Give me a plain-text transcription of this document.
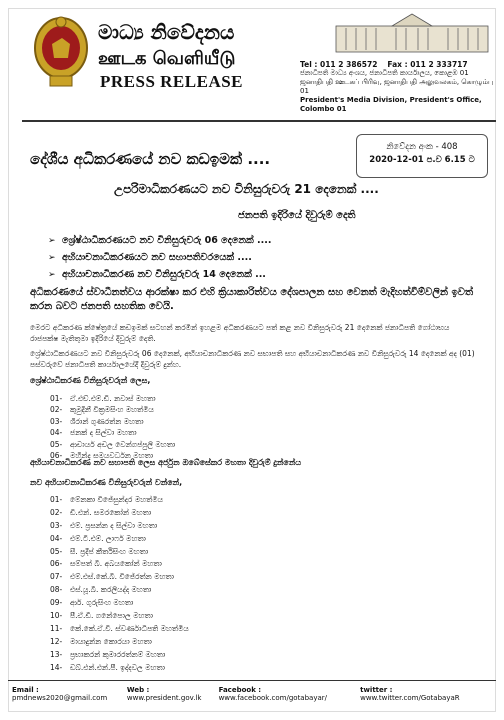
මාධ්‍ය නිවේදනය
ஊடக வெளியீடு
PRESS RELEASE
Tel : 011 2 386572 Fax : 011 2 333717
ජනාධිපති මාධ්‍ය අංශය, ජනාධිපති කාර්යාලය, කොළඹ 01
ஜனாதிபதி ஊடகப் பிரிவு, ஜனாதிபதி அலுவலகம், கொழும்பு 01
President's Media Division, President's Office, Colombo 01
නිවේදන අංක - 408
2020-12-01 ප.ව 6.15 ට
දේශීය අධිකරණයේ නව කඩඉමක් ....
උපරිමාධිකරණයට නව විනිසුරුවරු 21 දෙනෙක් ....
ජනපති ඉදිරියේ දිවුරුම් දෙති
➢ ශ්‍රේෂ්ඨාධිකරණයට නව විනිසුරුවරු 06 දෙනෙක් ....
➢ අභියාචනාධිකරණයට නව සභාපතිවරයෙක් ....
➢ අභියාචනාධිකරණ නව විනිසුරුවරු 14 දෙනෙක් ...
අධිකරණයේ ස්වාධීනත්වය ආරක්ෂා කර එහි ක්‍රියාකාරිත්වය දේශපාලන සහ වෙනත් මැදිහත්වීම්වලින් ඉවත් කරන බවට ජනපති සහතික වෙයි.
මෙරට අධිකරණ ක්ෂේත්‍රයේ කඩඉමක් සටහන් කරමින් ඉහළම අධිකරණයට පත් කළ නව විනිසුරුවරු 21 දෙනෙක් ජනාධිපති ගෝඨාභය රාජපක්ෂ මැතිතුමා ඉදිරියේ දිවුරුම් දෙති.
ශ්‍රේෂ්ඨාධිකරණයට නව විනිසුරුවරු 06 දෙනෙක්, අභියාචනාධිකරණ නව සභාපති සහ අභියාචනාධිකරණ නව විනිසුරුවරු 14 දෙනෙක් අද (01) පස්වරුවේ ජනාධිපති කාර්යාලයේදී දිවුරුම් දුන්හ.
ශ්‍රේෂ්ඨාධිකරණ විනිසුරුවරුන් ලෙස,
01-	ඒ.එච්.එම්.ඩී. නවාස් මහතා
02-	කුමුදිනී වික්‍රමසිංහ මහත්මිය
03-	ශිරාන් ගුණරත්න මහතා
04-	ජනක් ද සිල්වා මහතා
05-	ආචාර්ය අචල වෙන්ගප්පුලි මහතා
06-	මහින්ද සමයවර්ධන මහතා
අභියාචනාධිකරණ නව සභාපති ලෙස අර්ජුන ඔබේසේකර මහතා දිවුරුම් දුන්නේය
නව අභියාචනාධිකරණ විනිසුරුවරුන් වන්නේ,
01-	මේනකා විජේසුන්දර මහත්මිය
02-	ඩී.එන්. සමරකෝන් මහතා
03-	එම්. ප්‍රසන්න ද සිල්වා මහතා
04-	එම්.ටී.එම්. ලාෆර් මහතා
05-	සී. ප්‍රදීප් කීර්තිසිංහ මහතා
06-	සම්පත් බී. අබයකෝන් මහතා
07-	එම්.එස්.කේ.බී. විජේරත්න මහතා
08-	එස්.යූ.බී. කරලියද්ද මහතා
09-	ආර්. ගුරුසිංහ මහතා
10-	පී.ඒ.ඩී. ගනේපොල මහතා
11-	කේ.කේ.ඒ.වී. ස්වර්ණාධිපති මහත්මිය
12-	මායාදුන්න කොරයා මහතා
13-	ප්‍රභාකරන් කුමාරරත්නම් මහතා
14-	ඩබ්.එන්.එන්.පී. ඉද්දවල මහතා
Email : pmdnews2020@gmail.com
Web : www.president.gov.lk
Facebook : www.facebook.com/gotabayar/
twitter : www.twitter.com/GotabayaR
